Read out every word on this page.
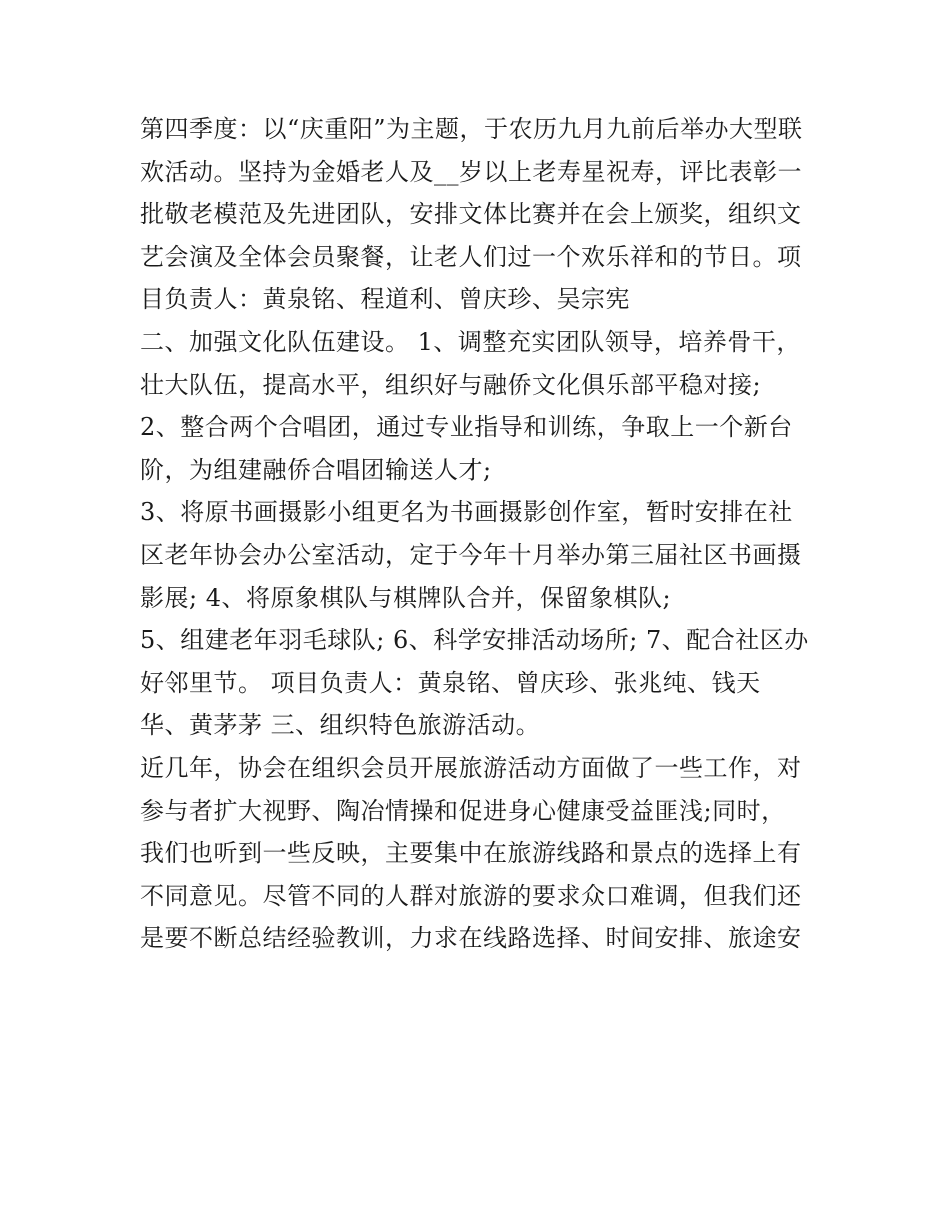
第四季度：以“庆重阳”为主题，于农历九月九前后举办大型联
欢活动。坚持为金婚老人及__岁以上老寿星祝寿，评比表彰一
批敬老模范及先进团队，安排文体比赛并在会上颁奖，组织文
艺会演及全体会员聚餐，让老人们过一个欢乐祥和的节日。项
目负责人：黄泉铭、程道利、曾庆珍、吴宗宪
二、加强文化队伍建设。 1、调整充实团队领导，培养骨干，
壮大队伍，提高水平，组织好与融侨文化俱乐部平稳对接;
2、整合两个合唱团，通过专业指导和训练，争取上一个新台
阶，为组建融侨合唱团输送人才;
3、将原书画摄影小组更名为书画摄影创作室，暂时安排在社
区老年协会办公室活动，定于今年十月举办第三届社区书画摄
影展; 4、将原象棋队与棋牌队合并，保留象棋队;
5、组建老年羽毛球队; 6、科学安排活动场所; 7、配合社区办
好邻里节。 项目负责人：黄泉铭、曾庆珍、张兆纯、钱天
华、黄茅茅 三、组织特色旅游活动。
近几年，协会在组织会员开展旅游活动方面做了一些工作，对
参与者扩大视野、陶冶情操和促进身心健康受益匪浅;同时，
我们也听到一些反映，主要集中在旅游线路和景点的选择上有
不同意见。尽管不同的人群对旅游的要求众口难调，但我们还
是要不断总结经验教训，力求在线路选择、时间安排、旅途安
